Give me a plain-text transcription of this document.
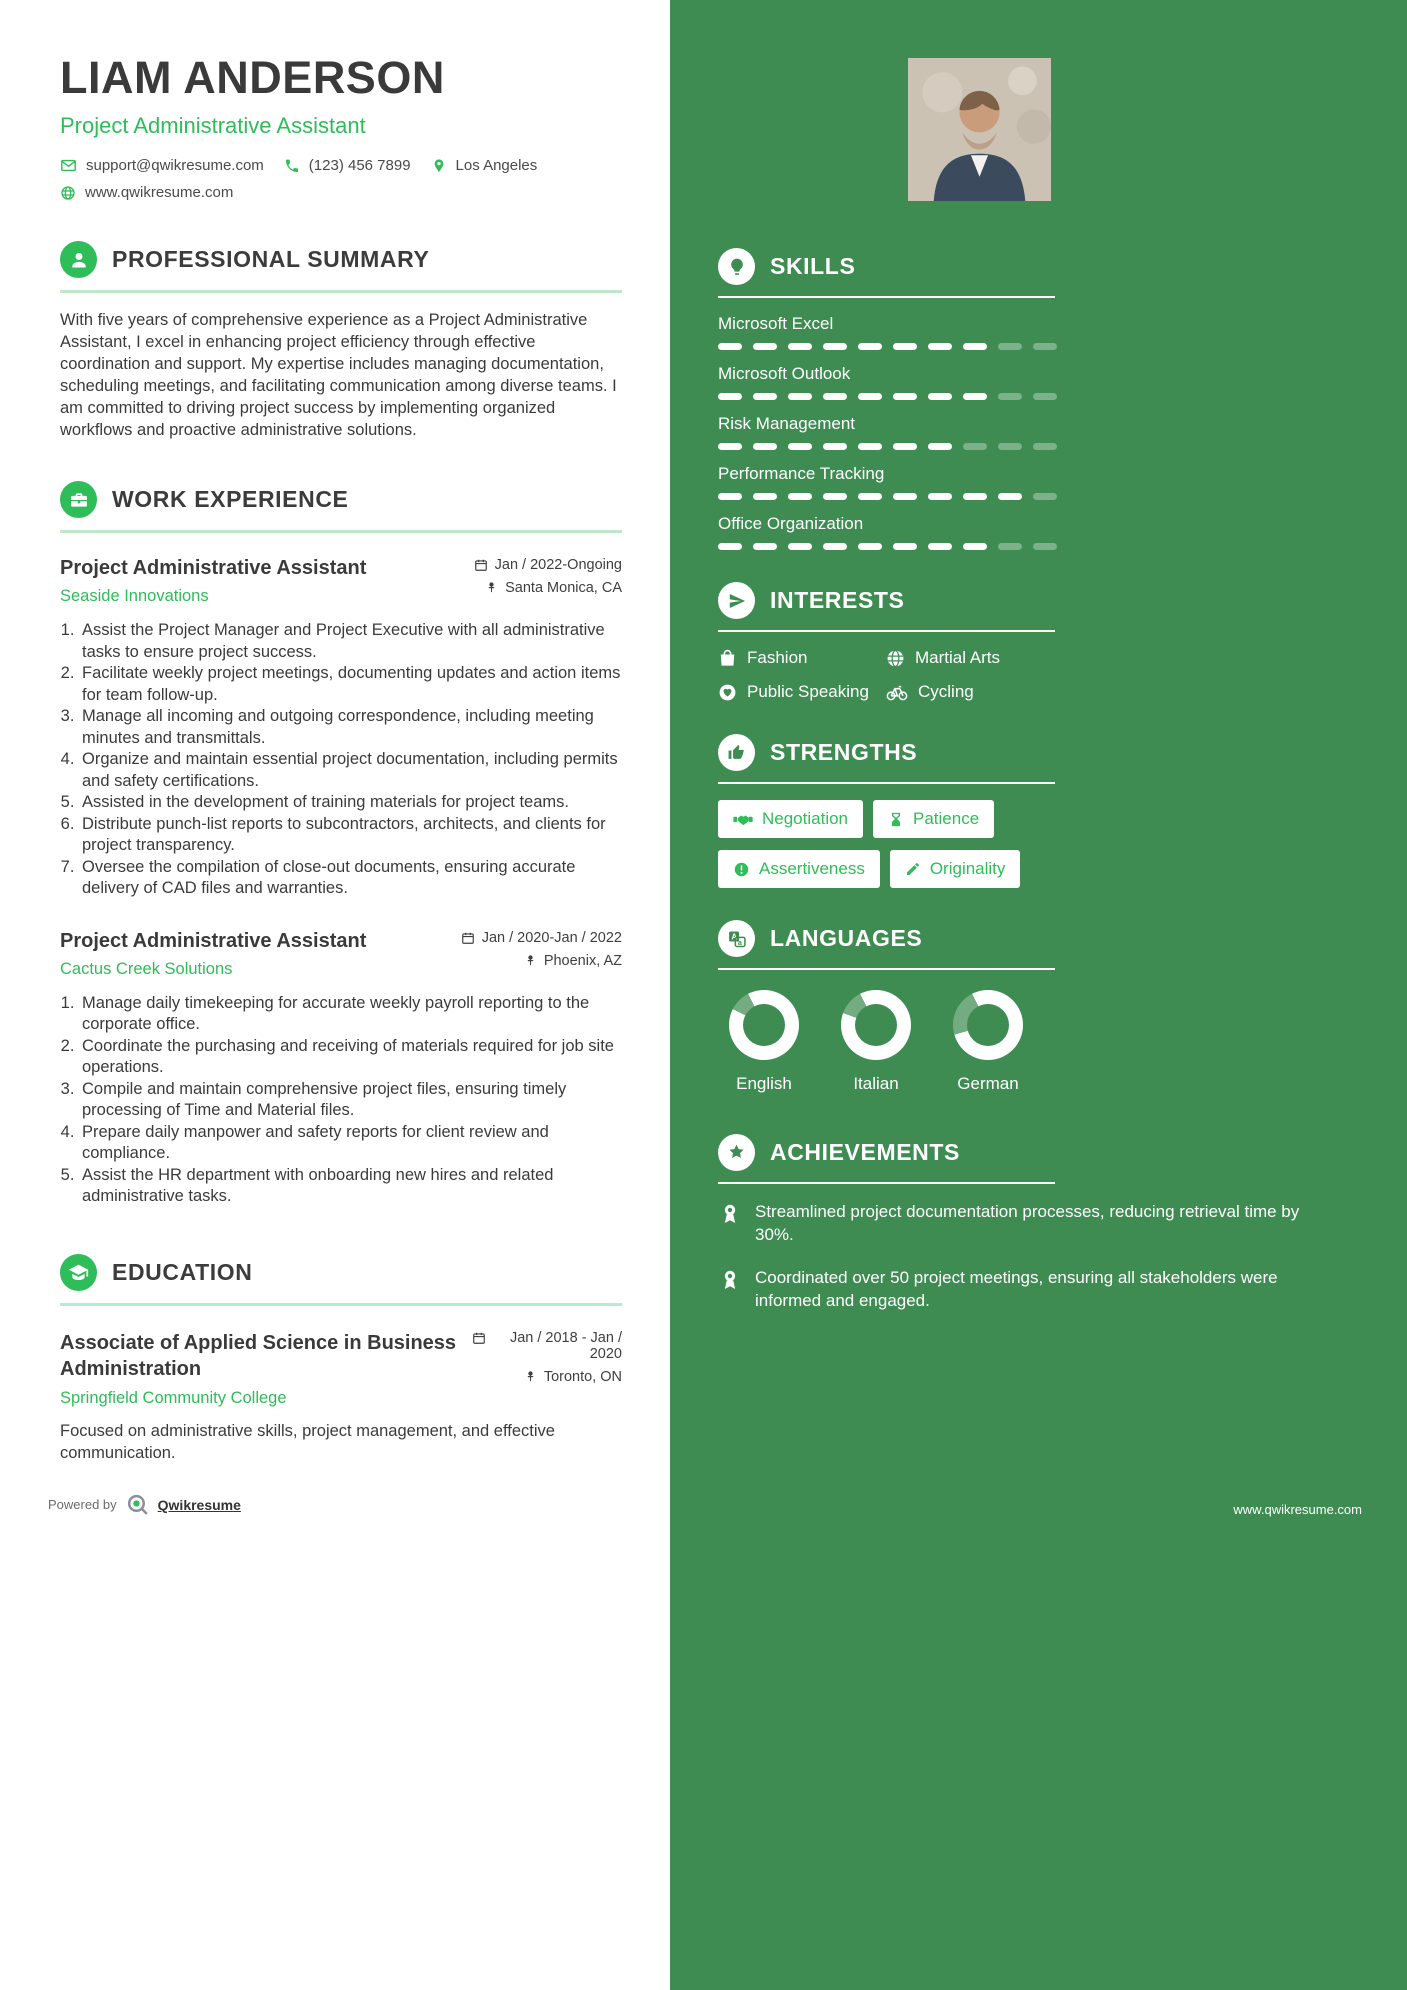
LIAM ANDERSON
Project Administrative Assistant
support@qwikresume.com	(123) 456 7899	Los Angeles
www.qwikresume.com
PROFESSIONAL SUMMARY
With five years of comprehensive experience as a Project Administrative Assistant, I excel in enhancing project efficiency through effective coordination and support. My expertise includes managing documentation, scheduling meetings, and facilitating communication among diverse teams. I am committed to driving project success by implementing organized workflows and proactive administrative solutions.
WORK EXPERIENCE
Project Administrative Assistant
Seaside Innovations
Jan / 2022-Ongoing
Santa Monica, CA
1. Assist the Project Manager and Project Executive with all administrative tasks to ensure project success.
2. Facilitate weekly project meetings, documenting updates and action items for team follow-up.
3. Manage all incoming and outgoing correspondence, including meeting minutes and transmittals.
4. Organize and maintain essential project documentation, including permits and safety certifications.
5. Assisted in the development of training materials for project teams.
6. Distribute punch-list reports to subcontractors, architects, and clients for project transparency.
7. Oversee the compilation of close-out documents, ensuring accurate delivery of CAD files and warranties.
Project Administrative Assistant
Cactus Creek Solutions
Jan / 2020-Jan / 2022
Phoenix, AZ
1. Manage daily timekeeping for accurate weekly payroll reporting to the corporate office.
2. Coordinate the purchasing and receiving of materials required for job site operations.
3. Compile and maintain comprehensive project files, ensuring timely processing of Time and Material files.
4. Prepare daily manpower and safety reports for client review and compliance.
5. Assist the HR department with onboarding new hires and related administrative tasks.
EDUCATION
Associate of Applied Science in Business Administration
Springfield Community College
Jan / 2018 - Jan / 2020
Toronto, ON
Focused on administrative skills, project management, and effective communication.
Powered by	Qwikresume
SKILLS
Microsoft Excel
Microsoft Outlook
Risk Management
Performance Tracking
Office Organization
INTERESTS
Fashion	Martial Arts
Public Speaking	Cycling
STRENGTHS
Negotiation	Patience
Assertiveness	Originality
A
a LANGUAGES
English	Italian	German
ACHIEVEMENTS
Streamlined project documentation processes, reducing retrieval time by 30%.
Coordinated over 50 project meetings, ensuring all stakeholders were informed and engaged.
www.qwikresume.com
